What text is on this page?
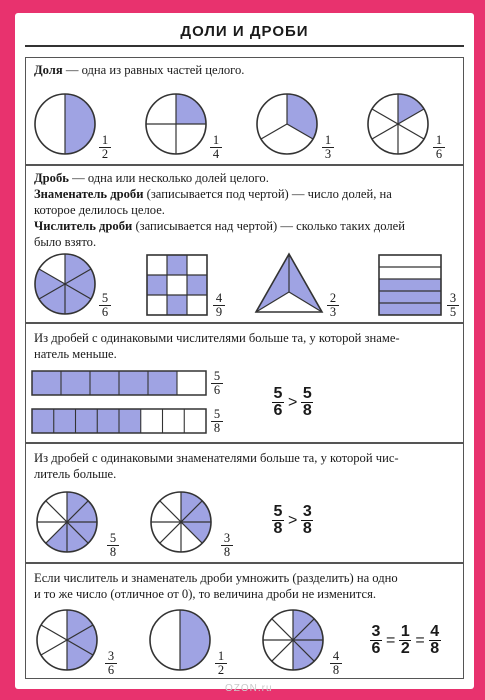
ДОЛИ И ДРОБИ
Доля — одна из равных частей целого.
1
2
1
4
1
3
1
6
Дробь — одна или несколько долей целого.
Знаменатель дроби (записывается под чертой) — число долей, на
которое делилось целое.
Числитель дроби (записывается над чертой) — сколько таких долей
было взято.
5
6
4
9
2
3
3
5
Из дробей с одинаковыми числителями больше та, у которой знаме-
натель меньше.
5
6
5
8
5
6 > 5
8
Из дробей с одинаковыми знаменателями больше та, у которой чис-
литель больше.
5
8
3
8
5
8 > 3
8
Если числитель и знаменатель дроби умножить (разделить) на одно
и то же число (отличное от 0), то величина дроби не изменится.
3
6
1
2
4
8
3
6 = 1
2 = 4
8
OZON.ru
